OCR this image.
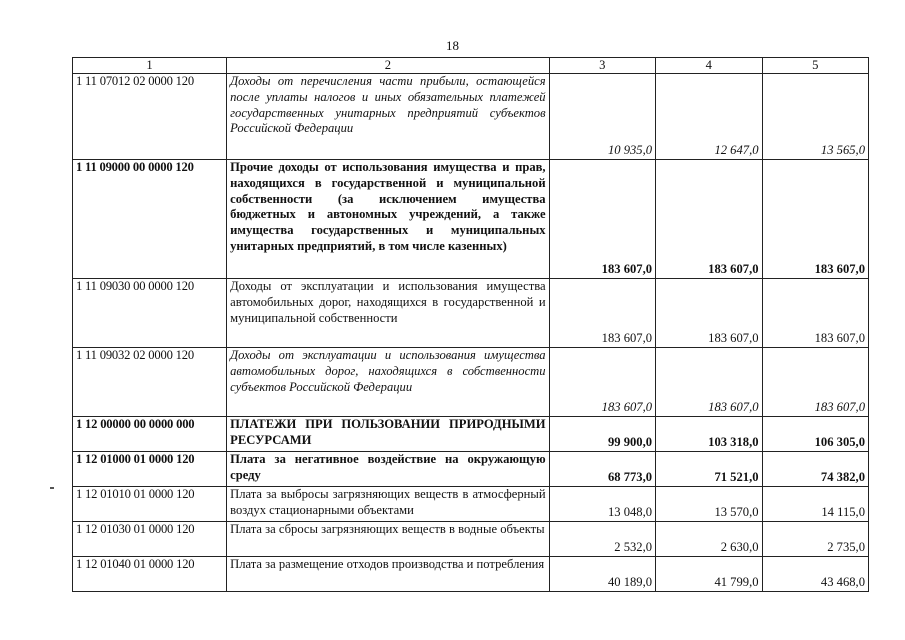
18
1	2	3	4	5
1 11 07012 02 0000 120	Доходы от перечисления части прибыли, остающейся после уплаты налогов и иных обязательных платежей государственных унитарных предприятий субъектов Российской Федерации	10 935,0	12 647,0	13 565,0
1 11 09000 00 0000 120	Прочие доходы от использования имущества и прав, находящихся в государственной и муниципальной собственности (за исключением имущества бюджетных и автономных учреждений, а также имущества государственных и муниципальных унитарных предприятий, в том числе казенных)	183 607,0	183 607,0	183 607,0
1 11 09030 00 0000 120	Доходы от эксплуатации и использования имущества автомобильных дорог, находящихся в государственной и муниципальной собственности	183 607,0	183 607,0	183 607,0
1 11 09032 02 0000 120	Доходы от эксплуатации и использования имущества автомобильных дорог, находящихся в собственности субъектов Российской Федерации	183 607,0	183 607,0	183 607,0
1 12 00000 00 0000 000	ПЛАТЕЖИ ПРИ ПОЛЬЗОВАНИИ ПРИРОДНЫМИ РЕСУРСАМИ	99 900,0	103 318,0	106 305,0
1 12 01000 01 0000 120	Плата за негативное воздействие на окружающую среду	68 773,0	71 521,0	74 382,0
1 12 01010 01 0000 120	Плата за выбросы загрязняющих веществ в атмосферный воздух стационарными объектами	13 048,0	13 570,0	14 115,0
1 12 01030 01 0000 120	Плата за сбросы загрязняющих веществ в водные объекты	2 532,0	2 630,0	2 735,0
1 12 01040 01 0000 120	Плата за размещение отходов производства и потребления	40 189,0	41 799,0	43 468,0
